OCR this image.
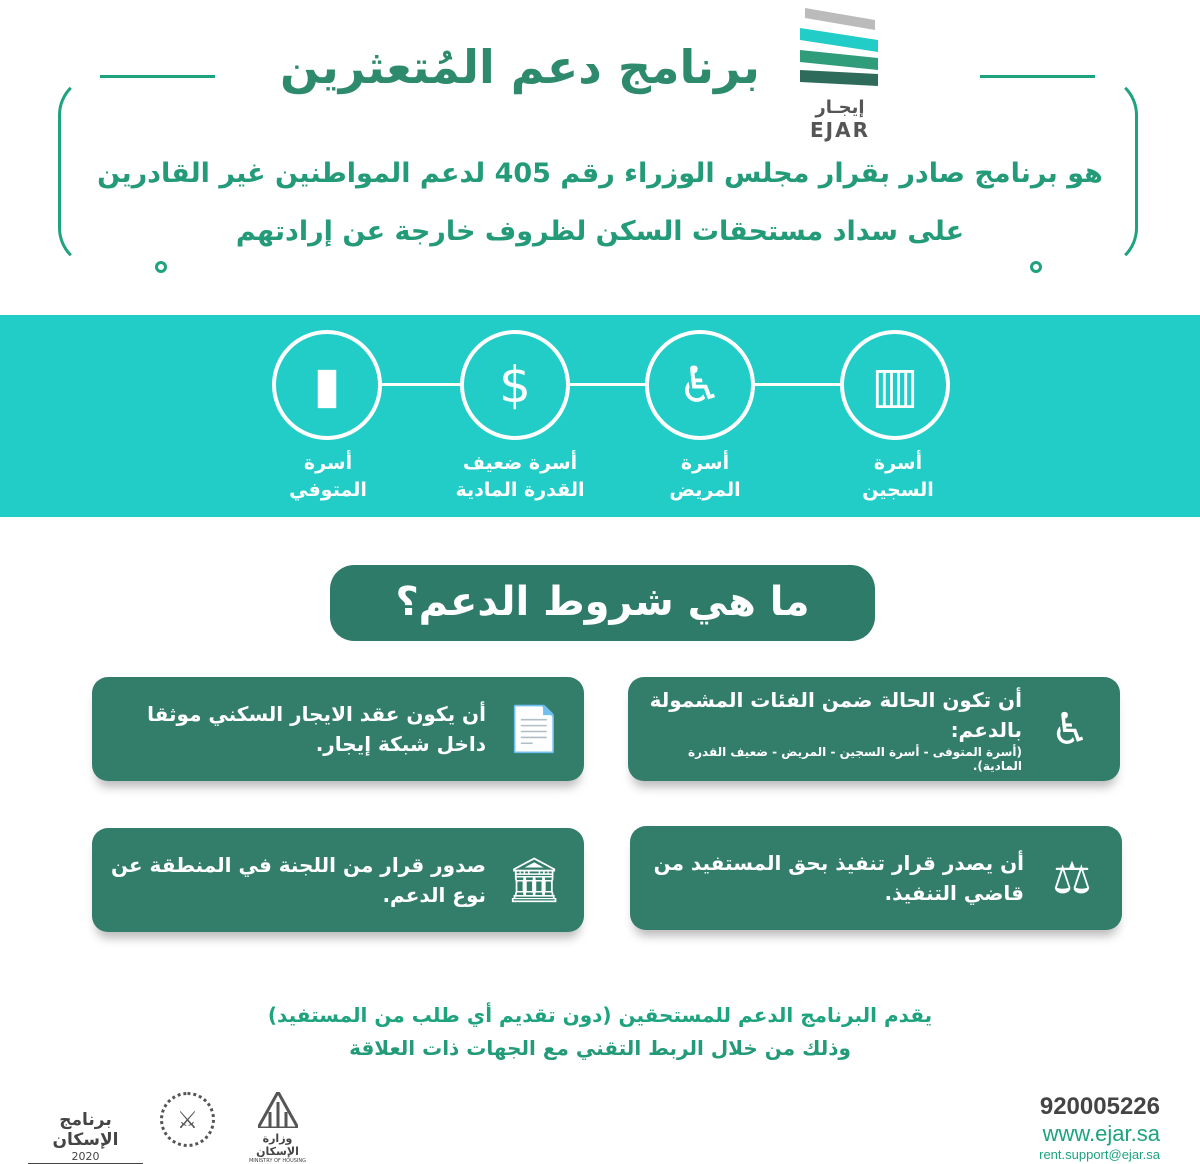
برنامج دعم المُتعثرين
إيجـار
EJAR
هو برنامج صادر بقرار مجلس الوزراء رقم 405 لدعم المواطنين غير القادرين
على سداد مستحقات السكن لظروف خارجة عن إرادتهم
▥
♿
$
▮
أسرة
السجين
أسرة
المريض
أسرة ضعيف
القدرة المادية
أسرة
المتوفي
ما هي شروط الدعم؟
♿
أن تكون الحالة ضمن الفئات المشمولة بالدعم:
(أسرة المتوفى - أسرة السجين - المريض - ضعيف القدرة المادية).
📄
أن يكون عقد الايجار السكني موثقا داخل شبكة إيجار.
⚖
أن يصدر قرار تنفيذ بحق المستفيد من قاضي التنفيذ.
🏛
صدور قرار من اللجنة في المنطقة عن نوع الدعم.
يقدم البرنامج الدعم للمستحقين (دون تقديم أي طلب من المستفيد)
وذلك من خلال الربط التقني مع الجهات ذات العلاقة
920005226
www.ejar.sa
rent.support@ejar.sa
برنامج الإسكان
2020
⚔
وزارة الإسكان
MINISTRY OF HOUSING
